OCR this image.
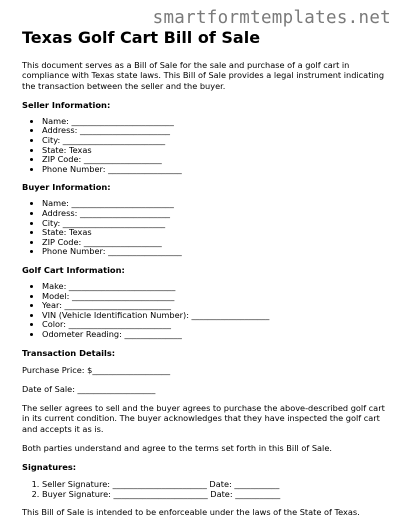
smartformtemplates.net
Texas Golf Cart Bill of Sale

This document serves as a Bill of Sale for the sale and purchase of a golf cart in compliance with Texas state laws. This Bill of Sale provides a legal instrument indicating the transaction between the seller and the buyer.

Seller Information:
• Name: _________________________
• Address: ______________________
• City: _________________________
• State: Texas
• ZIP Code: ___________________
• Phone Number: __________________
Buyer Information:
• Name: _________________________
• Address: ______________________
• City: _________________________
• State: Texas
• ZIP Code: ___________________
• Phone Number: __________________
Golf Cart Information:
• Make: __________________________
• Model: _________________________
• Year: __________________________
• VIN (Vehicle Identification Number): ___________________
• Color: _________________________
• Odometer Reading: ______________
Transaction Details:

Purchase Price: $___________________

Date of Sale: ___________________

The seller agrees to sell and the buyer agrees to purchase the above-described golf cart in its current condition. The buyer acknowledges that they have inspected the golf cart and accepts it as is.

Both parties understand and agree to the terms set forth in this Bill of Sale.

Signatures:
1. Seller Signature: _______________________ Date: ___________
2. Buyer Signature: _______________________ Date: ___________

This Bill of Sale is intended to be enforceable under the laws of the State of Texas.
